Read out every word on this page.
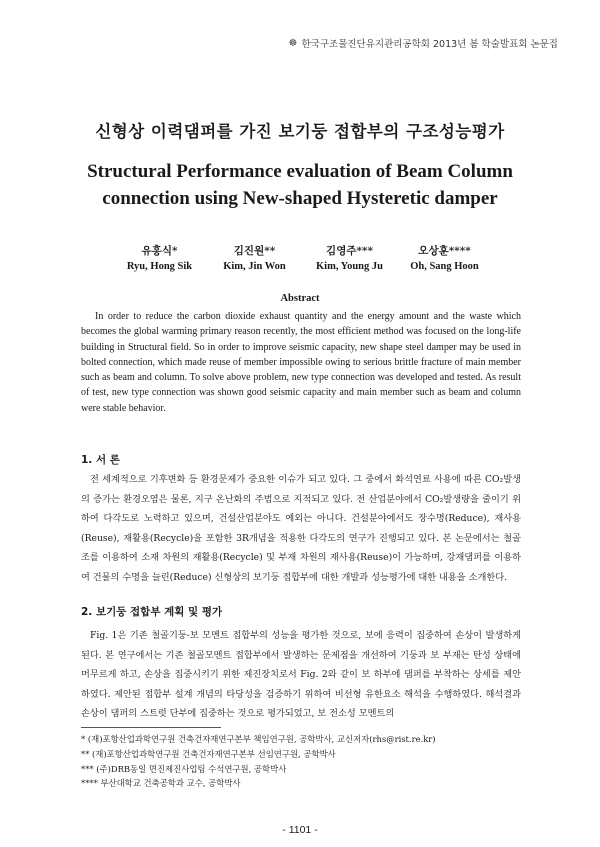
☸ 한국구조물진단유지관리공학회 2013년 봄 학술발표회 논문집
신형상 이력댐퍼를 가진 보기둥 접합부의 구조성능평가
Structural Performance evaluation of Beam Column
connection using New-shaped Hysteretic damper
유홍식*
Ryu, Hong Sik
김진원**
Kim, Jin Won
김영주***
Kim, Young Ju
오상훈****
Oh, Sang Hoon
Abstract

In order to reduce the carbon dioxide exhaust quantity and the energy amount and the waste which becomes the global warming primary reason recently, the most efficient method was focused on the long-life building in Structural field. So in order to improve seismic capacity, new shape steel damper may be used in bolted connection, which made reuse of member impossible owing to serious brittle fracture of main member such as beam and column. To solve above problem, new type connection was developed and tested. As result of test, new type connection was shown good seismic capacity and main member such as beam and column were stable behavior.

1. 서 론

전 세계적으로 기후변화 등 환경문제가 중요한 이슈가 되고 있다. 그 중에서 화석연료 사용에 따른 CO₂발생의 증가는 환경오염은 물론, 지구 온난화의 주범으로 지적되고 있다. 전 산업분야에서 CO₂발생량을 줄이기 위하여 다각도로 노력하고 있으며, 건설산업분야도 예외는 아니다. 건설분야에서도 장수명(Reduce), 재사용(Reuse), 재활용(Recycle)을 포함한 3R개념을 적용한 다각도의 연구가 진행되고 있다. 본 논문에서는 철골조를 이용하여 소재 차원의 재활용(Recycle) 및 부재 차원의 재사용(Reuse)이 가능하며, 강재댐퍼를 이용하여 건물의 수명을 늘린(Reduce) 신형상의 보기둥 접합부에 대한 개발과 성능평가에 대한 내용을 소개한다.

2. 보기둥 접합부 계획 및 평가

Fig. 1은 기존 철골기둥-보 모멘트 접합부의 성능을 평가한 것으로, 보에 응력이 집중하여 손상이 발생하게 된다. 본 연구에서는 기존 철골모멘트 접합부에서 발생하는 문제점을 개선하여 기둥과 보 부재는 탄성 상태에 머무르게 하고, 손상을 집중시키기 위한 제진장치로서 Fig. 2와 같이 보 하부에 댐퍼를 부착하는 상세를 제안하였다. 제안된 접합부 설계 개념의 타당성을 검증하기 위하여 비선형 유한요소 해석을 수행하였다. 해석결과 손상이 댐퍼의 스트럿 단부에 집중하는 것으로 평가되었고, 보 전소성 모멘트의

* (재)포항산업과학연구원 건축건자재연구본부 책임연구원, 공학박사, 교신저자(rhs@rist.re.kr)
** (재)포항산업과학연구원 건축건자재연구본부 선임연구원, 공학박사
*** (주)DRB동일 면진제진사업팀 수석연구원, 공학박사
**** 부산대학교 건축공학과 교수, 공학박사
- 1101 -
